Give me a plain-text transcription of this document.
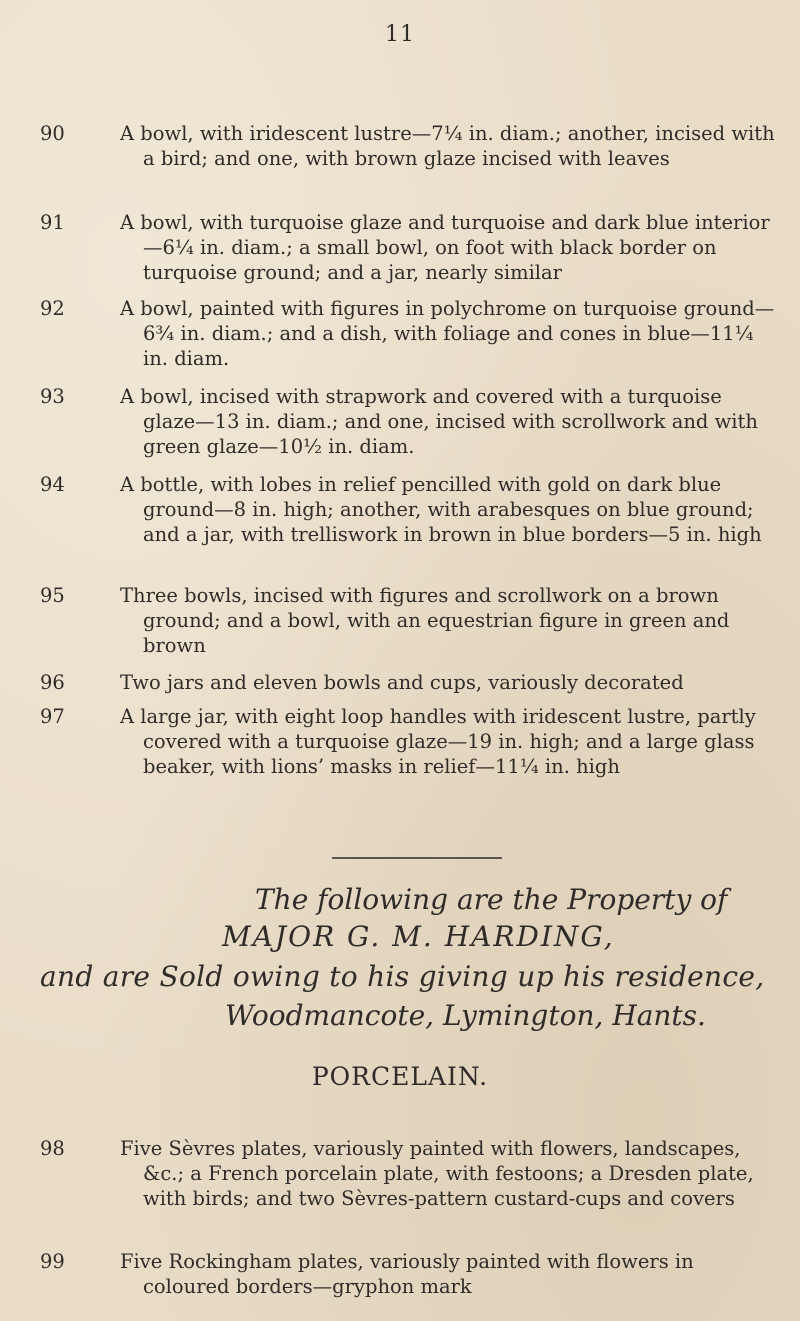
11
90	A bowl, with iridescent lustre—7¼ in. diam.; another, incised with a bird; and one, with brown glaze incised with leaves
91	A bowl, with turquoise glaze and turquoise and dark blue interior—6¼ in. diam.; a small bowl, on foot with black border on turquoise ground; and a jar, nearly similar
92	A bowl, painted with figures in polychrome on turquoise ground—6¾ in. diam.; and a dish, with foliage and cones in blue—11¼ in. diam.
93	A bowl, incised with strapwork and covered with a turquoise glaze—13 in. diam.; and one, incised with scrollwork and with green glaze—10½ in. diam.
94	A bottle, with lobes in relief pencilled with gold on dark blue ground—8 in. high; another, with arabesques on blue ground; and a jar, with trelliswork in brown in blue borders—5 in. high
95	Three bowls, incised with figures and scrollwork on a brown ground; and a bowl, with an equestrian figure in green and brown
96	Two jars and eleven bowls and cups, variously decorated
97	A large jar, with eight loop handles with iridescent lustre, partly covered with a turquoise glaze—19 in. high; and a large glass beaker, with lions’ masks in relief—11¼ in. high
The following are the Property of
MAJOR G. M. HARDING,
and are Sold owing to his giving up his residence,
Woodmancote, Lymington, Hants.
PORCELAIN.
98	Five Sèvres plates, variously painted with flowers, landscapes, &c.; a French porcelain plate, with festoons; a Dresden plate, with birds; and two Sèvres-pattern custard-cups and covers
99	Five Rockingham plates, variously painted with flowers in coloured borders—gryphon mark
